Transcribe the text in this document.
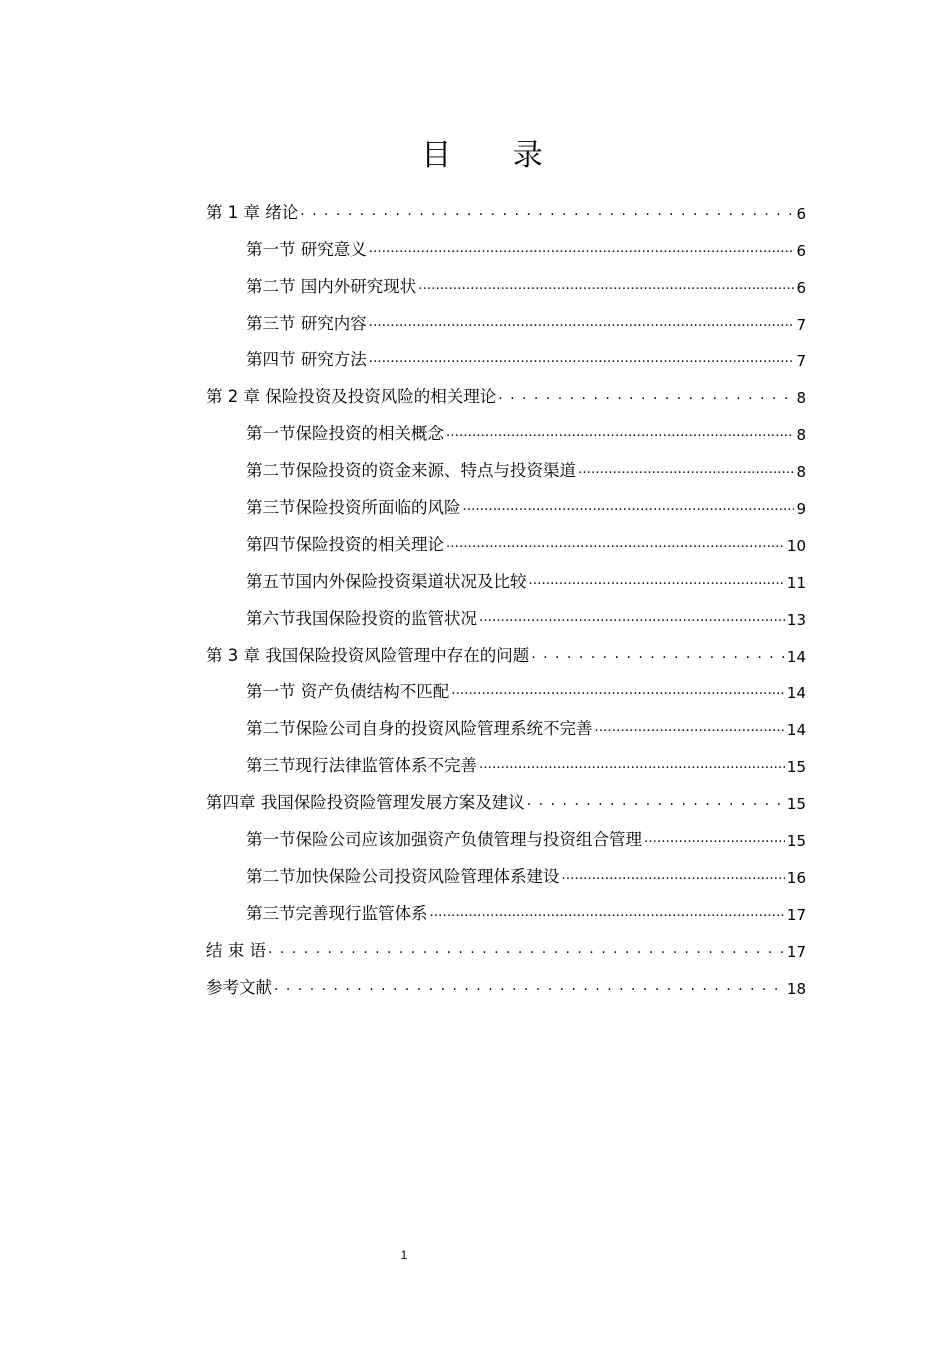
目 录
第 1 章 绪论 . . .	6
第一节 研究意义 .....	6
第二节 国内外研究现状 .....	6
第三节 研究内容 .....	7
第四节 研究方法 .....	7
第 2 章 保险投资及投资风险的相关理论 . . .	8
第一节保险投资的相关概念 .....	8
第二节保险投资的资金来源、特点与投资渠道 .....	8
第三节保险投资所面临的风险 .....	9
第四节保险投资的相关理论 .....	10
第五节国内外保险投资渠道状况及比较 .....	11
第六节我国保险投资的监管状况 .....	13
第 3 章 我国保险投资风险管理中存在的问题 . . .	14
第一节 资产负债结构不匹配 .....	14
第二节保险公司自身的投资风险管理系统不完善 .....	14
第三节现行法律监管体系不完善 .....	15
第四章 我国保险投资险管理发展方案及建议 . . .	15
第一节保险公司应该加强资产负债管理与投资组合管理 .....	15
第二节加快保险公司投资风险管理体系建设 .....	16
第三节完善现行监管体系 .....	17
结 束 语 . . .	17
参考文献 . . .	18
1
